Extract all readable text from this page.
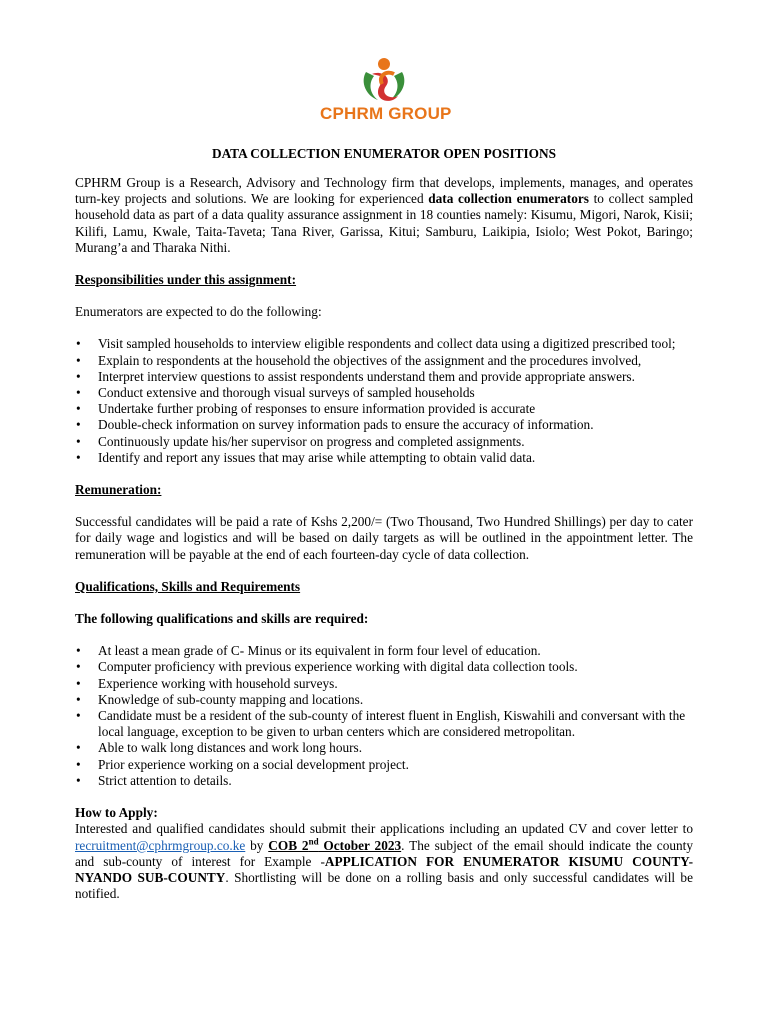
CPHRM GROUP
DATA COLLECTION ENUMERATOR OPEN POSITIONS

CPHRM Group is a Research, Advisory and Technology firm that develops, implements, manages, and operates turn-key projects and solutions. We are looking for experienced data collection enumerators to collect sampled household data as part of a data quality assurance assignment in 18 counties namely: Kisumu, Migori, Narok, Kisii; Kilifi, Lamu, Kwale, Taita-Taveta; Tana River, Garissa, Kitui; Samburu, Laikipia, Isiolo; West Pokot, Baringo; Murang’a and Tharaka Nithi.

Responsibilities under this assignment:

Enumerators are expected to do the following:

• Visit sampled households to interview eligible respondents and collect data using a digitized prescribed tool;
• Explain to respondents at the household the objectives of the assignment and the procedures involved,
• Interpret interview questions to assist respondents understand them and provide appropriate answers.
• Conduct extensive and thorough visual surveys of sampled households
• Undertake further probing of responses to ensure information provided is accurate
• Double-check information on survey information pads to ensure the accuracy of information.
• Continuously update his/her supervisor on progress and completed assignments.
• Identify and report any issues that may arise while attempting to obtain valid data.

Remuneration:

Successful candidates will be paid a rate of Kshs 2,200/= (Two Thousand, Two Hundred Shillings) per day to cater for daily wage and logistics and will be based on daily targets as will be outlined in the appointment letter. The remuneration will be payable at the end of each fourteen-day cycle of data collection.

Qualifications, Skills and Requirements

The following qualifications and skills are required:

• At least a mean grade of C- Minus or its equivalent in form four level of education.
• Computer proficiency with previous experience working with digital data collection tools.
• Experience working with household surveys.
• Knowledge of sub-county mapping and locations.
• Candidate must be a resident of the sub-county of interest fluent in English, Kiswahili and conversant with the local language, exception to be given to urban centers which are considered metropolitan.
• Able to walk long distances and work long hours.
• Prior experience working on a social development project.
• Strict attention to details.

How to Apply:

Interested and qualified candidates should submit their applications including an updated CV and cover letter to recruitment@cphrmgroup.co.ke by COB 2nd October 2023. The subject of the email should indicate the county and sub-county of interest for Example -APPLICATION FOR ENUMERATOR KISUMU COUNTY-NYANDO SUB-COUNTY. Shortlisting will be done on a rolling basis and only successful candidates will be notified.
